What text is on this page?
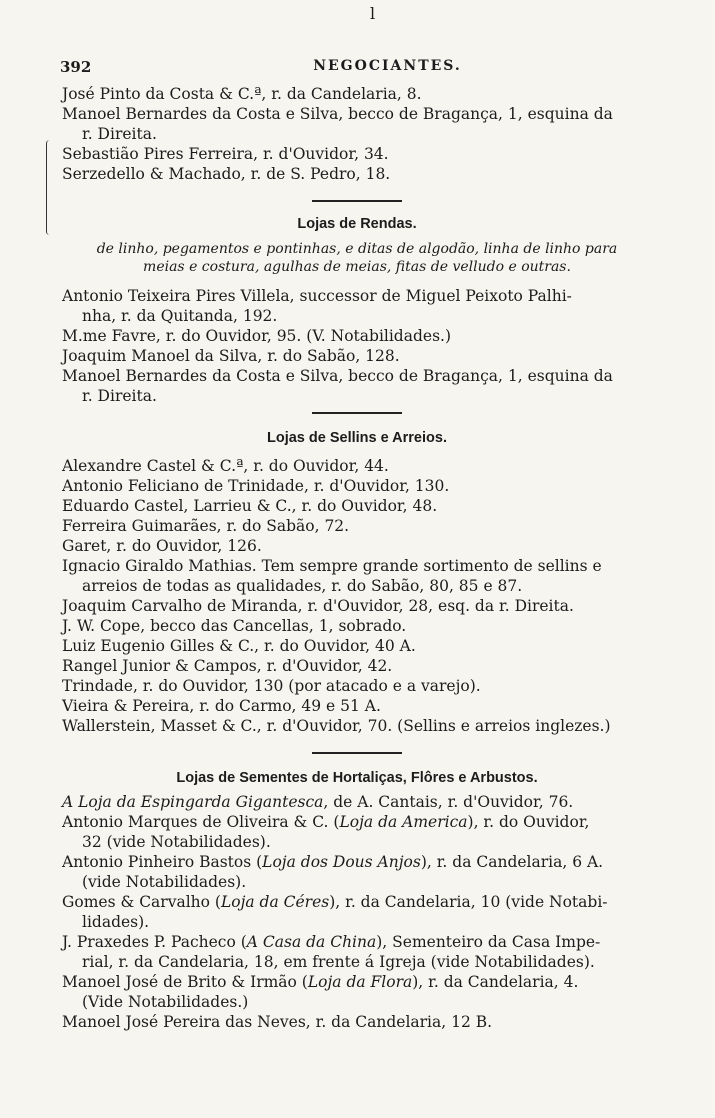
l
392	NEGOCIANTES.

José Pinto da Costa & C.ª, r. da Candelaria, 8.

Manoel Bernardes da Costa e Silva, becco de Bragança, 1, esquina da

r. Direita.

Sebastião Pires Ferreira, r. d'Ouvidor, 34.

Serzedello & Machado, r. de S. Pedro, 18.

Lojas de Rendas.

de linho, pegamentos e pontinhas, e ditas de algodão, linha de linho para

meias e costura, agulhas de meias, fitas de velludo e outras.

Antonio Teixeira Pires Villela, successor de Miguel Peixoto Palhi-

nha, r. da Quitanda, 192.

M.me Favre, r. do Ouvidor, 95. (V. Notabilidades.)

Joaquim Manoel da Silva, r. do Sabão, 128.

Manoel Bernardes da Costa e Silva, becco de Bragança, 1, esquina da

r. Direita.

Lojas de Sellins e Arreios.

Alexandre Castel & C.ª, r. do Ouvidor, 44.

Antonio Feliciano de Trinidade, r. d'Ouvidor, 130.

Eduardo Castel, Larrieu & C., r. do Ouvidor, 48.

Ferreira Guimarães, r. do Sabão, 72.

Garet, r. do Ouvidor, 126.

Ignacio Giraldo Mathias. Tem sempre grande sortimento de sellins e

arreios de todas as qualidades, r. do Sabão, 80, 85 e 87.

Joaquim Carvalho de Miranda, r. d'Ouvidor, 28, esq. da r. Direita.

J. W. Cope, becco das Cancellas, 1, sobrado.

Luiz Eugenio Gilles & C., r. do Ouvidor, 40 A.

Rangel Junior & Campos, r. d'Ouvidor, 42.

Trindade, r. do Ouvidor, 130 (por atacado e a varejo).

Vieira & Pereira, r. do Carmo, 49 e 51 A.

Wallerstein, Masset & C., r. d'Ouvidor, 70. (Sellins e arreios inglezes.)

Lojas de Sementes de Hortaliças, Flôres e Arbustos.

A Loja da Espingarda Gigantesca, de A. Cantais, r. d'Ouvidor, 76.

Antonio Marques de Oliveira & C. (Loja da America), r. do Ouvidor,

32 (vide Notabilidades).

Antonio Pinheiro Bastos (Loja dos Dous Anjos), r. da Candelaria, 6 A.

(vide Notabilidades).

Gomes & Carvalho (Loja da Céres), r. da Candelaria, 10 (vide Notabi-

lidades).

J. Praxedes P. Pacheco (A Casa da China), Sementeiro da Casa Impe-

rial, r. da Candelaria, 18, em frente á Igreja (vide Notabilidades).

Manoel José de Brito & Irmão (Loja da Flora), r. da Candelaria, 4.

(Vide Notabilidades.)

Manoel José Pereira das Neves, r. da Candelaria, 12 B.
